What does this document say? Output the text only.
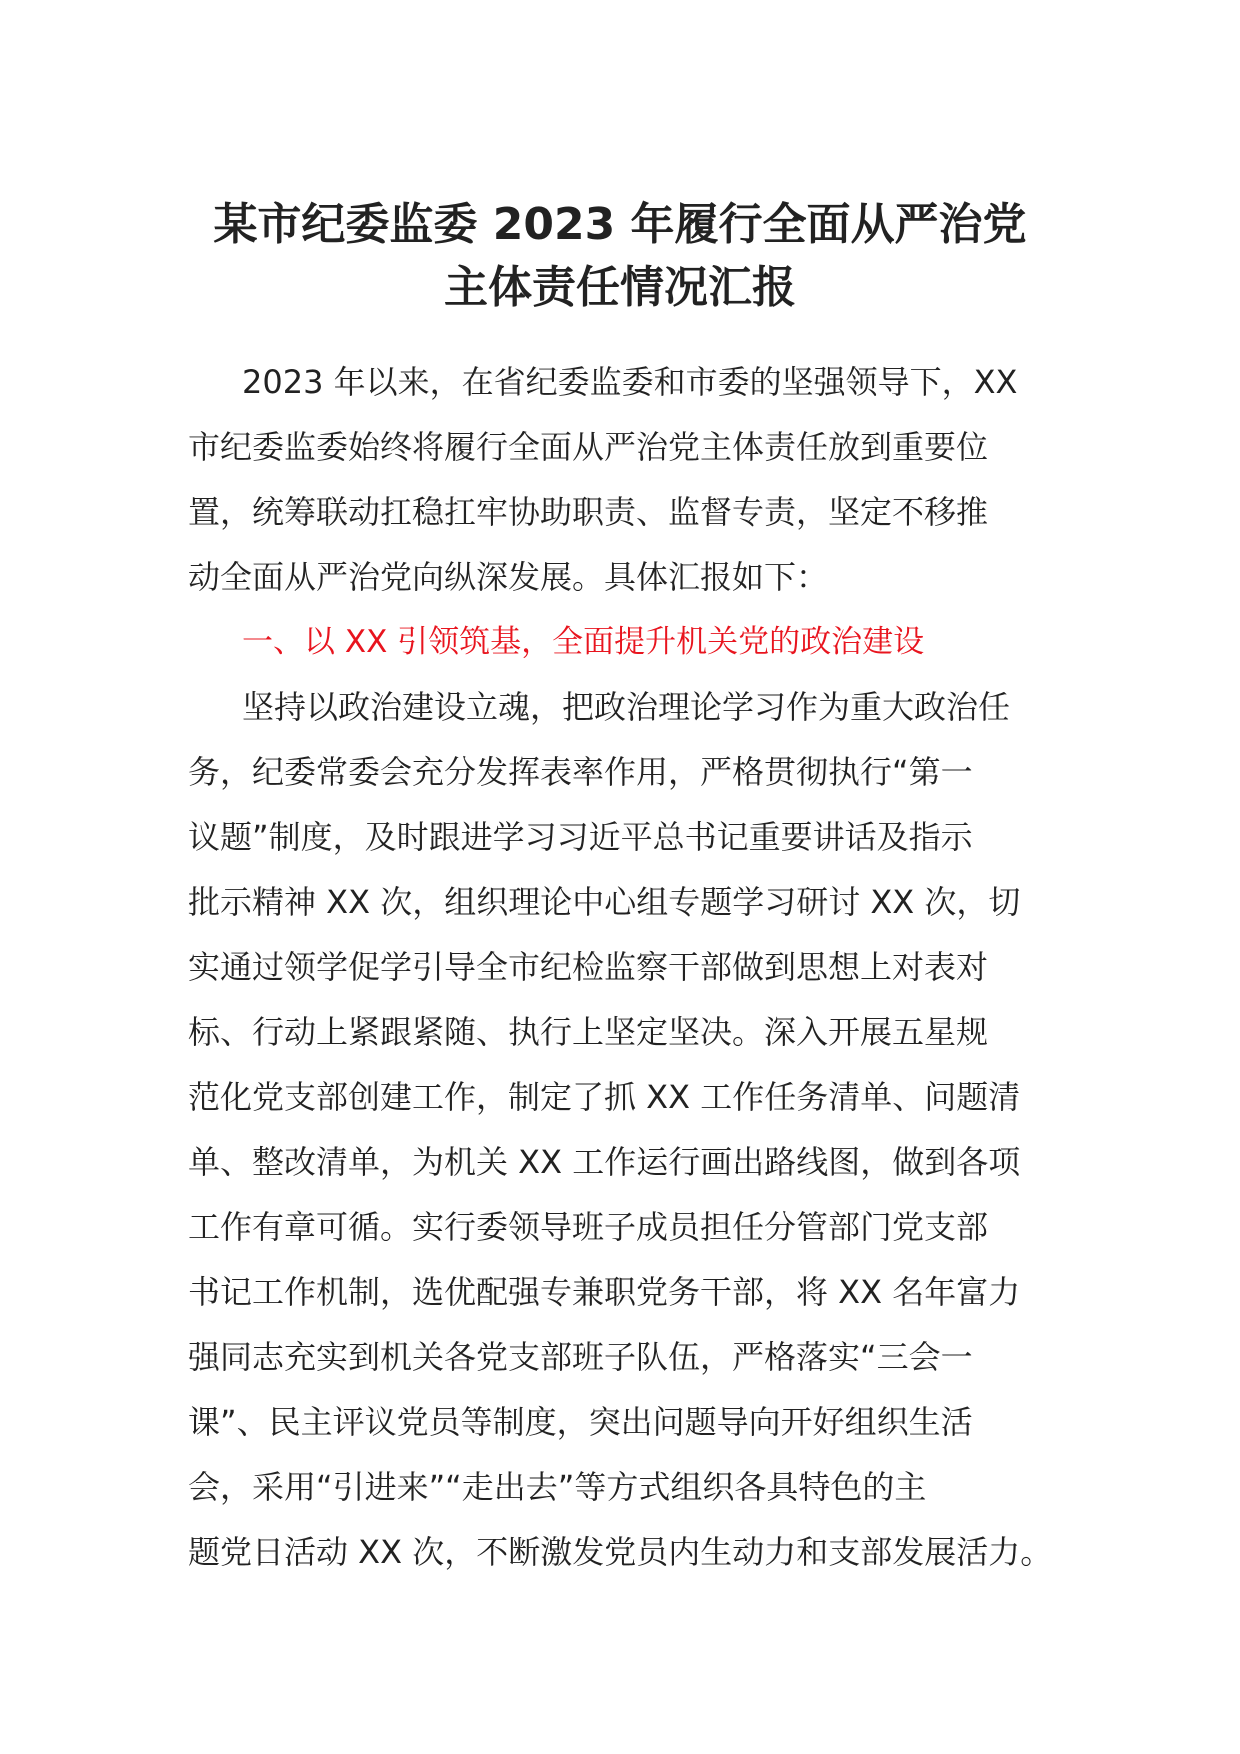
某市纪委监委 2023 年履行全面从严治党
主体责任情况汇报
2023 年以来，在省纪委监委和市委的坚强领导下，XX
市纪委监委始终将履行全面从严治党主体责任放到重要位
置，统筹联动扛稳扛牢协助职责、监督专责，坚定不移推
动全面从严治党向纵深发展。具体汇报如下：
一、以 XX 引领筑基，全面提升机关党的政治建设
坚持以政治建设立魂，把政治理论学习作为重大政治任
务，纪委常委会充分发挥表率作用，严格贯彻执行“第一
议题”制度，及时跟进学习习近平总书记重要讲话及指示
批示精神 XX 次，组织理论中心组专题学习研讨 XX 次，切
实通过领学促学引导全市纪检监察干部做到思想上对表对
标、行动上紧跟紧随、执行上坚定坚决。深入开展五星规
范化党支部创建工作，制定了抓 XX 工作任务清单、问题清
单、整改清单，为机关 XX 工作运行画出路线图，做到各项
工作有章可循。实行委领导班子成员担任分管部门党支部
书记工作机制，选优配强专兼职党务干部，将 XX 名年富力
强同志充实到机关各党支部班子队伍，严格落实“三会一
课”、民主评议党员等制度，突出问题导向开好组织生活
会，采用“引进来”“走出去”等方式组织各具特色的主
题党日活动 XX 次，不断激发党员内生动力和支部发展活力。
